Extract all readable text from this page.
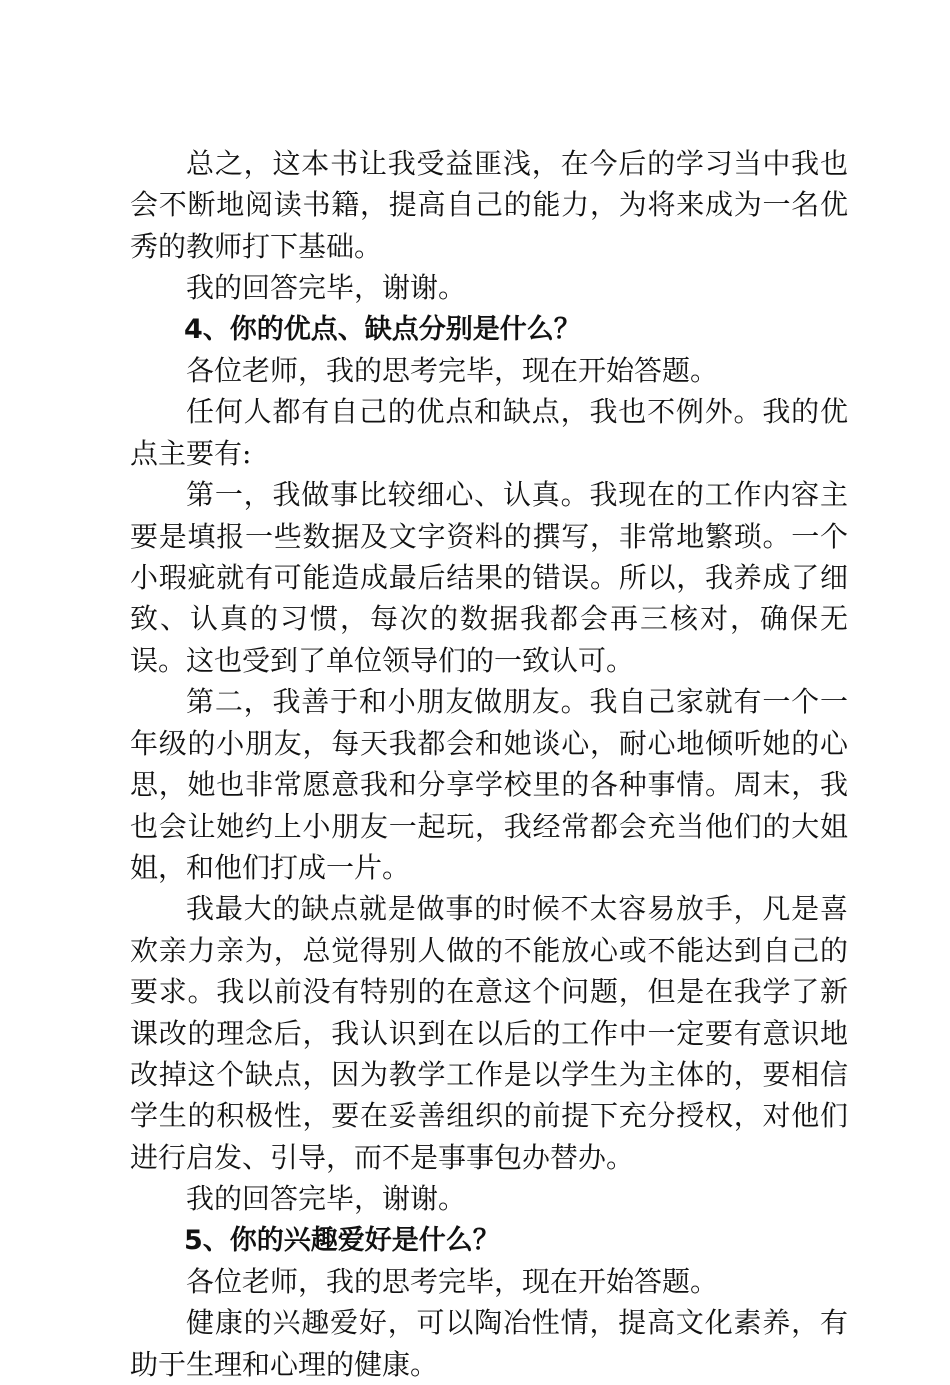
总之，这本书让我受益匪浅，在今后的学习当中我也会不断地阅读书籍，提高自己的能力，为将来成为一名优秀的教师打下基础。

我的回答完毕，谢谢。

4、你的优点、缺点分别是什么？

各位老师，我的思考完毕，现在开始答题。

任何人都有自己的优点和缺点，我也不例外。我的优点主要有:

第一，我做事比较细心、认真。我现在的工作内容主要是填报一些数据及文字资料的撰写，非常地繁琐。一个小瑕疵就有可能造成最后结果的错误。所以，我养成了细致、认真的习惯，每次的数据我都会再三核对，确保无误。这也受到了单位领导们的一致认可。

第二，我善于和小朋友做朋友。我自己家就有一个一年级的小朋友，每天我都会和她谈心，耐心地倾听她的心思，她也非常愿意我和分享学校里的各种事情。周末，我也会让她约上小朋友一起玩，我经常都会充当他们的大姐姐，和他们打成一片。

我最大的缺点就是做事的时候不太容易放手，凡是喜欢亲力亲为，总觉得别人做的不能放心或不能达到自己的要求。我以前没有特别的在意这个问题，但是在我学了新课改的理念后，我认识到在以后的工作中一定要有意识地改掉这个缺点，因为教学工作是以学生为主体的，要相信学生的积极性，要在妥善组织的前提下充分授权，对他们进行启发、引导，而不是事事包办替办。

我的回答完毕，谢谢。

5、你的兴趣爱好是什么？

各位老师，我的思考完毕，现在开始答题。

健康的兴趣爱好，可以陶冶性情，提高文化素养，有助于生理和心理的健康。
